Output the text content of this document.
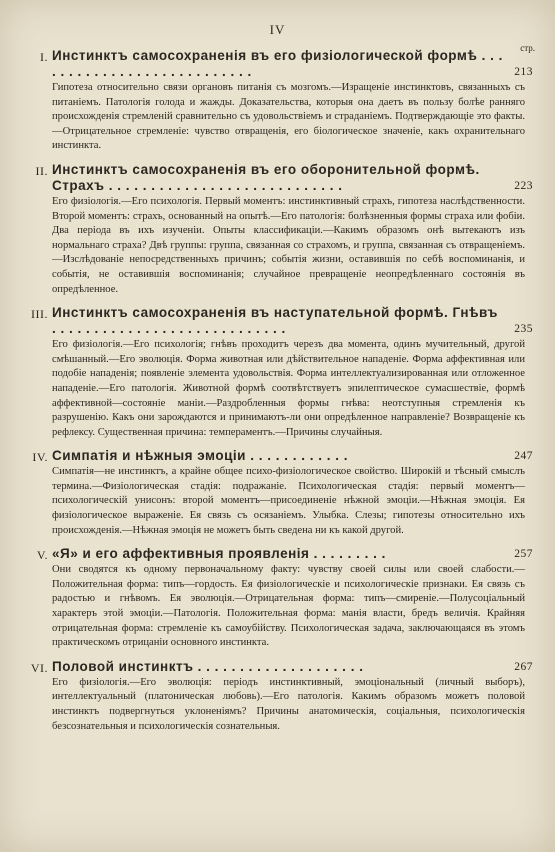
IV
стр.
I. Инстинктъ самосохраненія въ его физіологической формѣ . . . . . . . . . . . . . . . . . . . . . . . . . . .	213
Гипотеза относительно связи органовъ питанія съ мозгомъ.—Изращеніе инстинктовъ, связанныхъ съ питаніемъ. Патологія голода и жажды. Доказательства, которыя она даетъ въ пользу болѣе ранняго происхожденія стремленій сравнительно съ удовольствіемъ и страданіемъ. Подтверждающіе это факты.—Отрицательное стремленіе: чувство отвращенія, его біологическое значеніе, какъ охранительнаго инстинкта.
II. Инстинктъ самосохраненія въ его оборонительной формѣ. Страхъ . . . . . . . . . . . . . . . . . . . . . . . . . . . .	223
Его физіологія.—Его психологія. Первый моментъ: инстинктивный страхъ, гипотеза наслѣдственности. Второй моментъ: страхъ, основанный на опытѣ.—Его патологія: болѣзненныя формы страха или фобіи. Два періода въ ихъ изученіи. Опыты классификаціи.—Какимъ образомъ онѣ вытекаютъ изъ нормальнаго страха? Двѣ группы: группа, связанная со страхомъ, и группа, связанная съ отвращеніемъ.—Изслѣдованіе непосредственныхъ причинъ; событія жизни, оставившія по себѣ воспоминанія, и событія, не оставившія воспоминанія; случайное превращеніе неопредѣленнаго состоянія въ опредѣленное.
III. Инстинктъ самосохраненія въ наступательной формѣ. Гнѣвъ . . . . . . . . . . . . . . . . . . . . . . . . . . . .	235
Его физіологія.—Его психологія; гнѣвъ проходитъ черезъ два момента, одинъ мучительный, другой смѣшанный.—Его эволюція. Форма животная или дѣйствительное нападеніе. Форма аффективная или подобіе нападенія; появленіе элемента удовольствія. Форма интеллектуализированная или отложенное нападеніе.—Его патологія. Животной формѣ соотвѣтствуетъ эпилептическое сумасшествіе, формѣ аффективной—состояніе маніи.—Раздробленныя формы гнѣва: неотступныя стремленія къ разрушенію. Какъ они зарождаются и принимаютъ-ли они опредѣленное направленіе? Возвращеніе къ рефлексу. Существенная причина: темпераментъ.—Причины случайныя.
IV. Симпатія и нѣжныя эмоціи . . . . . . . . . . . .	247
Симпатія—не инстинктъ, а крайне общее психо-физіологическое свойство. Широкій и тѣсный смыслъ термина.—Физіологическая стадія: подражаніе. Психологическая стадія: первый моментъ—психологическій унисонъ: второй моментъ—присоединеніе нѣжной эмоціи.—Нѣжная эмоція. Ея физіологическое выраженіе. Ея связь съ осязаніемъ. Улыбка. Слезы; гипотезы относительно ихъ происхожденія.—Нѣжная эмоція не можетъ быть сведена ни къ какой другой.
V. «Я» и его аффективныя проявленія . . . . . . . . .	257
Они сводятся къ одному первоначальному факту: чувству своей силы или своей слабости.—Положительная форма: типъ—гордость. Ея физіологическіе и психологическіе признаки. Ея связь съ радостью и гнѣвомъ. Ея эволюція.—Отрицательная форма: типъ—смиреніе.—Полусоціальный характеръ этой эмоціи.—Патологія. Положительная форма: манія власти, бредъ величія. Крайняя отрицательная форма: стремленіе къ самоубійству. Психологическая задача, заключающаяся въ этомъ практическомъ отрицаніи основного инстинкта.
VI. Половой инстинктъ . . . . . . . . . . . . . . . . . . . .	267
Его физіологія.—Его эволюція: періодъ инстинктивный, эмоціональный (личный выборъ), интеллектуальный (платоническая любовь).—Его патологія. Какимъ образомъ можетъ половой инстинктъ подвергнуться уклоненіямъ? Причины анатомическія, соціальныя, психологическія безсознательныя и психологическія сознательныя.
